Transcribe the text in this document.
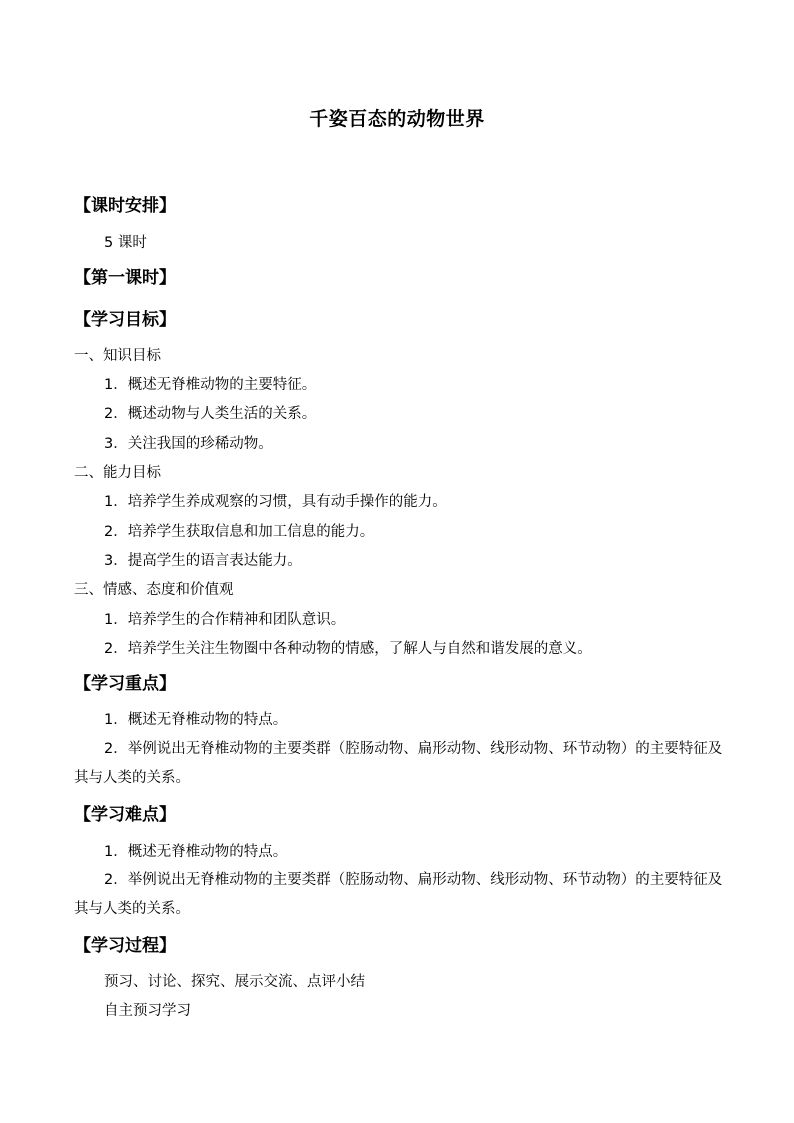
千姿百态的动物世界
【课时安排】
5 课时
【第一课时】
【学习目标】
一、知识目标
1．概述无脊椎动物的主要特征。
2．概述动物与人类生活的关系。
3．关注我国的珍稀动物。
二、能力目标
1．培养学生养成观察的习惯，具有动手操作的能力。
2．培养学生获取信息和加工信息的能力。
3．提高学生的语言表达能力。
三、情感、态度和价值观
1．培养学生的合作精神和团队意识。
2．培养学生关注生物圈中各种动物的情感，了解人与自然和谐发展的意义。
【学习重点】
1．概述无脊椎动物的特点。
2．举例说出无脊椎动物的主要类群（腔肠动物、扁形动物、线形动物、环节动物）的主要特征及其与人类的关系。
【学习难点】
1．概述无脊椎动物的特点。
2．举例说出无脊椎动物的主要类群（腔肠动物、扁形动物、线形动物、环节动物）的主要特征及其与人类的关系。
【学习过程】
预习、讨论、探究、展示交流、点评小结
自主预习学习
